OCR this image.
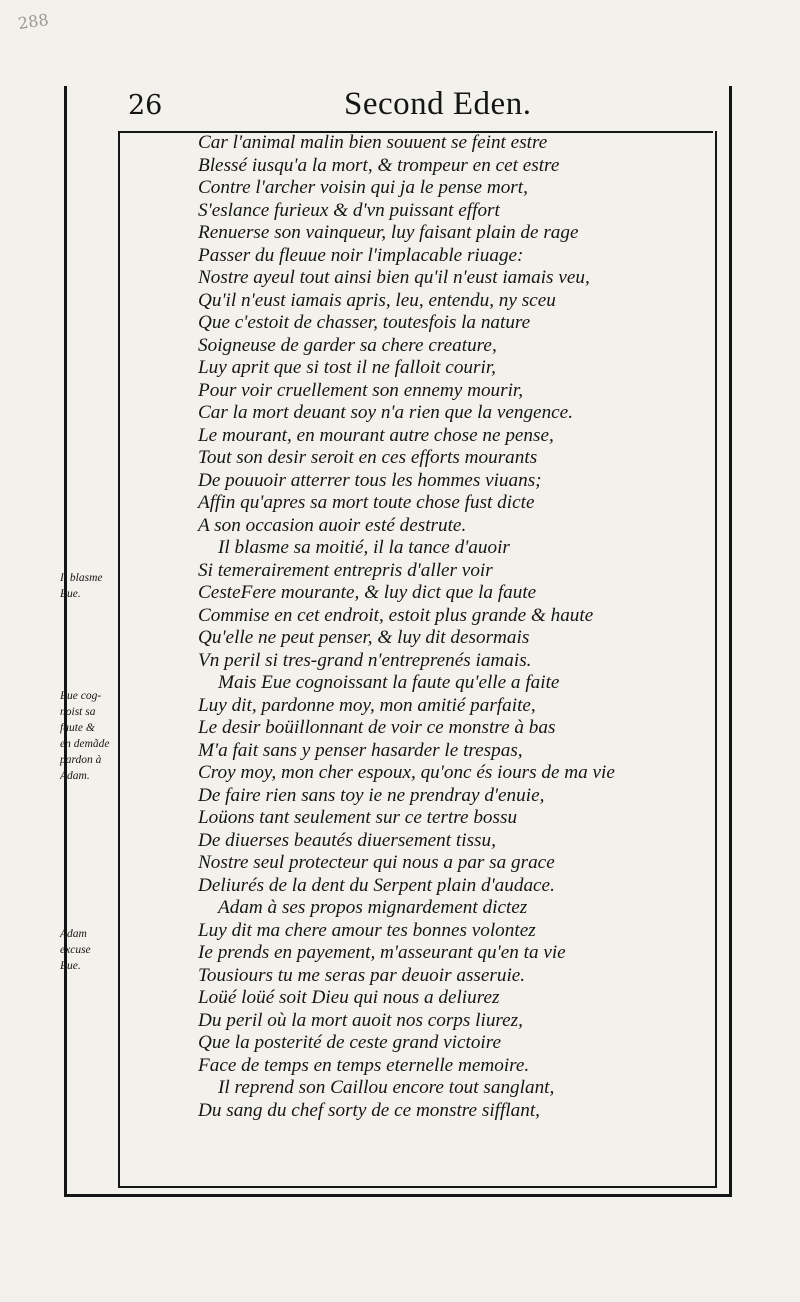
288
26	Second Eden.
Car l'animal malin bien souuent se feint estre
Blessé iusqu'a la mort, & trompeur en cet estre
Contre l'archer voisin qui ja le pense mort,
S'eslance furieux & d'vn puissant effort
Renuerse son vainqueur, luy faisant plain de rage
Passer du fleuue noir l'implacable riuage:
Nostre ayeul tout ainsi bien qu'il n'eust iamais veu,
Qu'il n'eust iamais apris, leu, entendu, ny sceu
Que c'estoit de chasser, toutesfois la nature
Soigneuse de garder sa chere creature,
Luy aprit que si tost il ne falloit courir,
Pour voir cruellement son ennemy mourir,
Car la mort deuant soy n'a rien que la vengence.
Le mourant, en mourant autre chose ne pense,
Tout son desir seroit en ces efforts mourants
De pouuoir atterrer tous les hommes viuans;
Affin qu'apres sa mort toute chose fust dicte
A son occasion auoir esté destrute.
Il blasme sa moitié, il la tance d'auoir
Si temerairement entrepris d'aller voir
CesteFere mourante, & luy dict que la faute
Commise en cet endroit, estoit plus grande & haute
Qu'elle ne peut penser, & luy dit desormais
Vn peril si tres-grand n'entreprenés iamais.
Mais Eue cognoissant la faute qu'elle a faite
Luy dit, pardonne moy, mon amitié parfaite,
Le desir boüillonnant de voir ce monstre à bas
M'a fait sans y penser hasarder le trespas,
Croy moy, mon cher espoux, qu'onc és iours de ma vie
De faire rien sans toy ie ne prendray d'enuie,
Loüons tant seulement sur ce tertre bossu
De diuerses beautés diuersement tissu,
Nostre seul protecteur qui nous a par sa grace
Deliurés de la dent du Serpent plain d'audace.
Adam à ses propos mignardement dictez
Luy dit ma chere amour tes bonnes volontez
Ie prends en payement, m'asseurant qu'en ta vie
Tousiours tu me seras par deuoir asseruie.
Loüé loüé soit Dieu qui nous a deliurez
Du peril où la mort auoit nos corps liurez,
Que la posterité de ceste grand victoire
Face de temps en temps eternelle memoire.
Il reprend son Caillou encore tout sanglant,
Du sang du chef sorty de ce monstre sifflant,
Il blasme
Eue.
Eue cog-
noist sa
faute &
en demãde
pardon à
Adam.
Adam
excuse
Eue.
